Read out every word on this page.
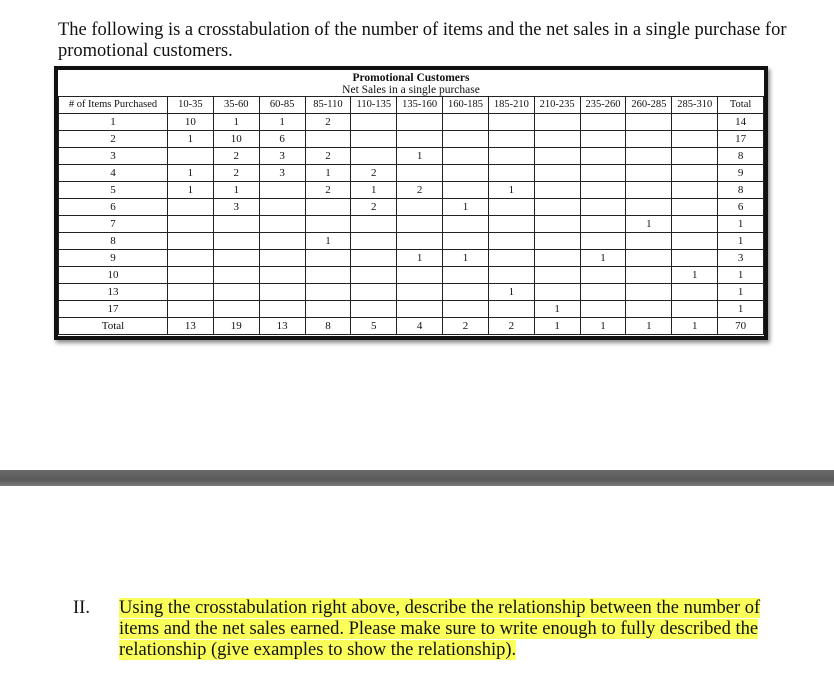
The following is a crosstabulation of the number of items and the net sales in a single purchase for promotional customers.

Promotional Customers
Net Sales in a single purchase
# of Items Purchased	10-35	35-60	60-85	85-110	110-135	135-160	160-185	185-210	210-235	235-260	260-285	285-310	Total
1	10	1	1	2									14
2	1	10	6										17
3		2	3	2		1							8
4	1	2	3	1	2								9
5	1	1		2	1	2		1					8
6		3			2		1						6
7											1		1
8				1									1
9						1	1			1			3
10												1	1
13								1					1
17									1				1
Total	13	19	13	8	5	4	2	2	1	1	1	1	70
II. Using the crosstabulation right above, describe the relationship between the number of items and the net sales earned. Please make sure to write enough to fully described the relationship (give examples to show the relationship).
